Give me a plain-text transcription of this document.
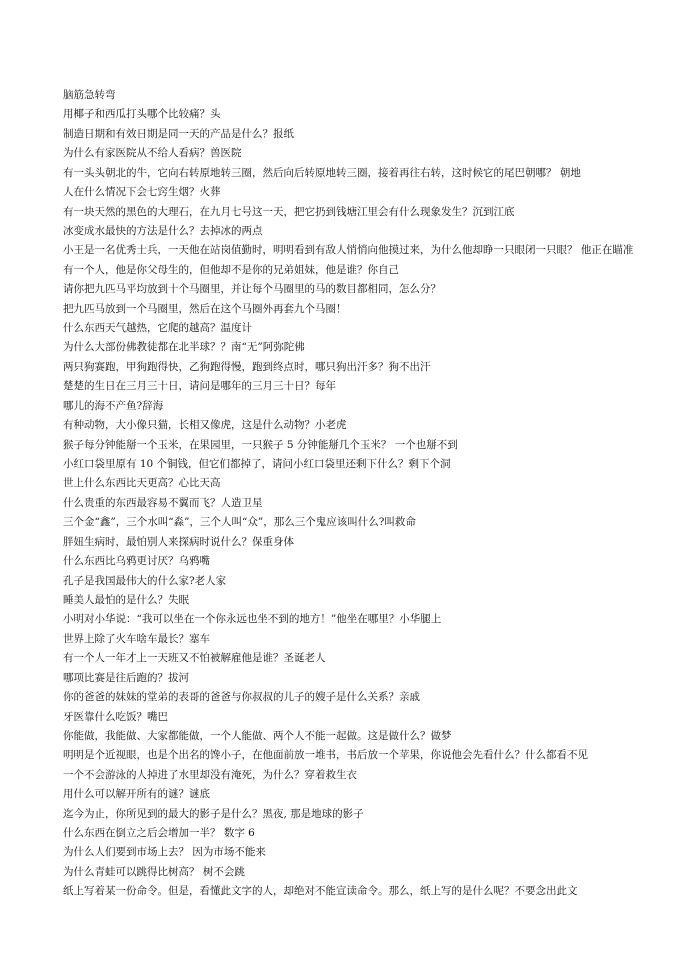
脑筋急转弯
用椰子和西瓜打头哪个比较痛？头
制造日期和有效日期是同一天的产品是什么？报纸
为什么有家医院从不给人看病？兽医院
有一头头朝北的牛，它向右转原地转三圈，然后向后转原地转三圈，接着再往右转，这时候它的尾巴朝哪？ 朝地
人在什么情况下会七窍生烟？火葬
有一块天然的黑色的大理石，在九月七号这一天，把它扔到钱塘江里会有什么现象发生？沉到江底
冰变成水最快的方法是什么？去掉冰的两点
小王是一名优秀士兵，一天他在站岗值勤时，明明看到有敌人悄悄向他摸过来，为什么他却睁一只眼闭一只眼？ 他正在瞄准
有一个人，他是你父母生的，但他却不是你的兄弟姐妹，他是谁？你自己
请你把九匹马平均放到十个马圈里，并让每个马圈里的马的数目都相同，怎么分？
把九匹马放到一个马圈里，然后在这个马圈外再套九个马圈！
什么东西天气越热，它爬的越高？温度计
为什么大部份佛教徒都在北半球？？南“无”阿弥陀佛
两只狗赛跑，甲狗跑得快，乙狗跑得慢，跑到终点时，哪只狗出汗多？狗不出汗
楚楚的生日在三月三十日，请问是哪年的三月三十日？每年
哪儿的海不产鱼?辞海
有种动物，大小像只猫，长相又像虎，这是什么动物？小老虎
猴子每分钟能掰一个玉米，在果园里，一只猴子 5 分钟能掰几个玉米？ 一个也掰不到
小红口袋里原有 10 个铜钱，但它们都掉了，请问小红口袋里还剩下什么？剩下个洞
世上什么东西比天更高？心比天高
什么贵重的东西最容易不翼而飞？人造卫星
三个金“鑫”，三个水叫“淼”，三个人叫“众”，那么三个鬼应该叫什么?叫救命
胖妞生病时，最怕别人来探病时说什么？保重身体
什么东西比乌鸦更讨厌？乌鸦嘴
孔子是我国最伟大的什么家?老人家
睡美人最怕的是什么？失眠
小明对小华说：“我可以坐在一个你永远也坐不到的地方！”他坐在哪里？小华腿上
世界上除了火车啥车最长？塞车
有一个人一年才上一天班又不怕被解雇他是谁？圣诞老人
哪项比赛是往后跑的？拔河
你的爸爸的妹妹的堂弟的表哥的爸爸与你叔叔的儿子的嫂子是什么关系？亲戚
牙医靠什么吃饭？嘴巴
你能做，我能做、大家都能做，一个人能做、两个人不能一起做。这是做什么？做梦
明明是个近视眼，也是个出名的馋小子，在他面前放一堆书，书后放一个苹果，你说他会先看什么？什么都看不见
一个不会游泳的人掉进了水里却没有淹死，为什么？穿着救生衣
用什么可以解开所有的谜？谜底
迄今为止，你所见到的最大的影子是什么？黑夜, 那是地球的影子
什么东西在倒立之后会增加一半？ 数字 6
为什么人们要到市场上去？ 因为市场不能来
为什么青蛙可以跳得比树高？ 树不会跳
纸上写着某一份命令。但是，看懂此文字的人，却绝对不能宣读命令。那么，纸上写的是什么呢？不要念出此文
